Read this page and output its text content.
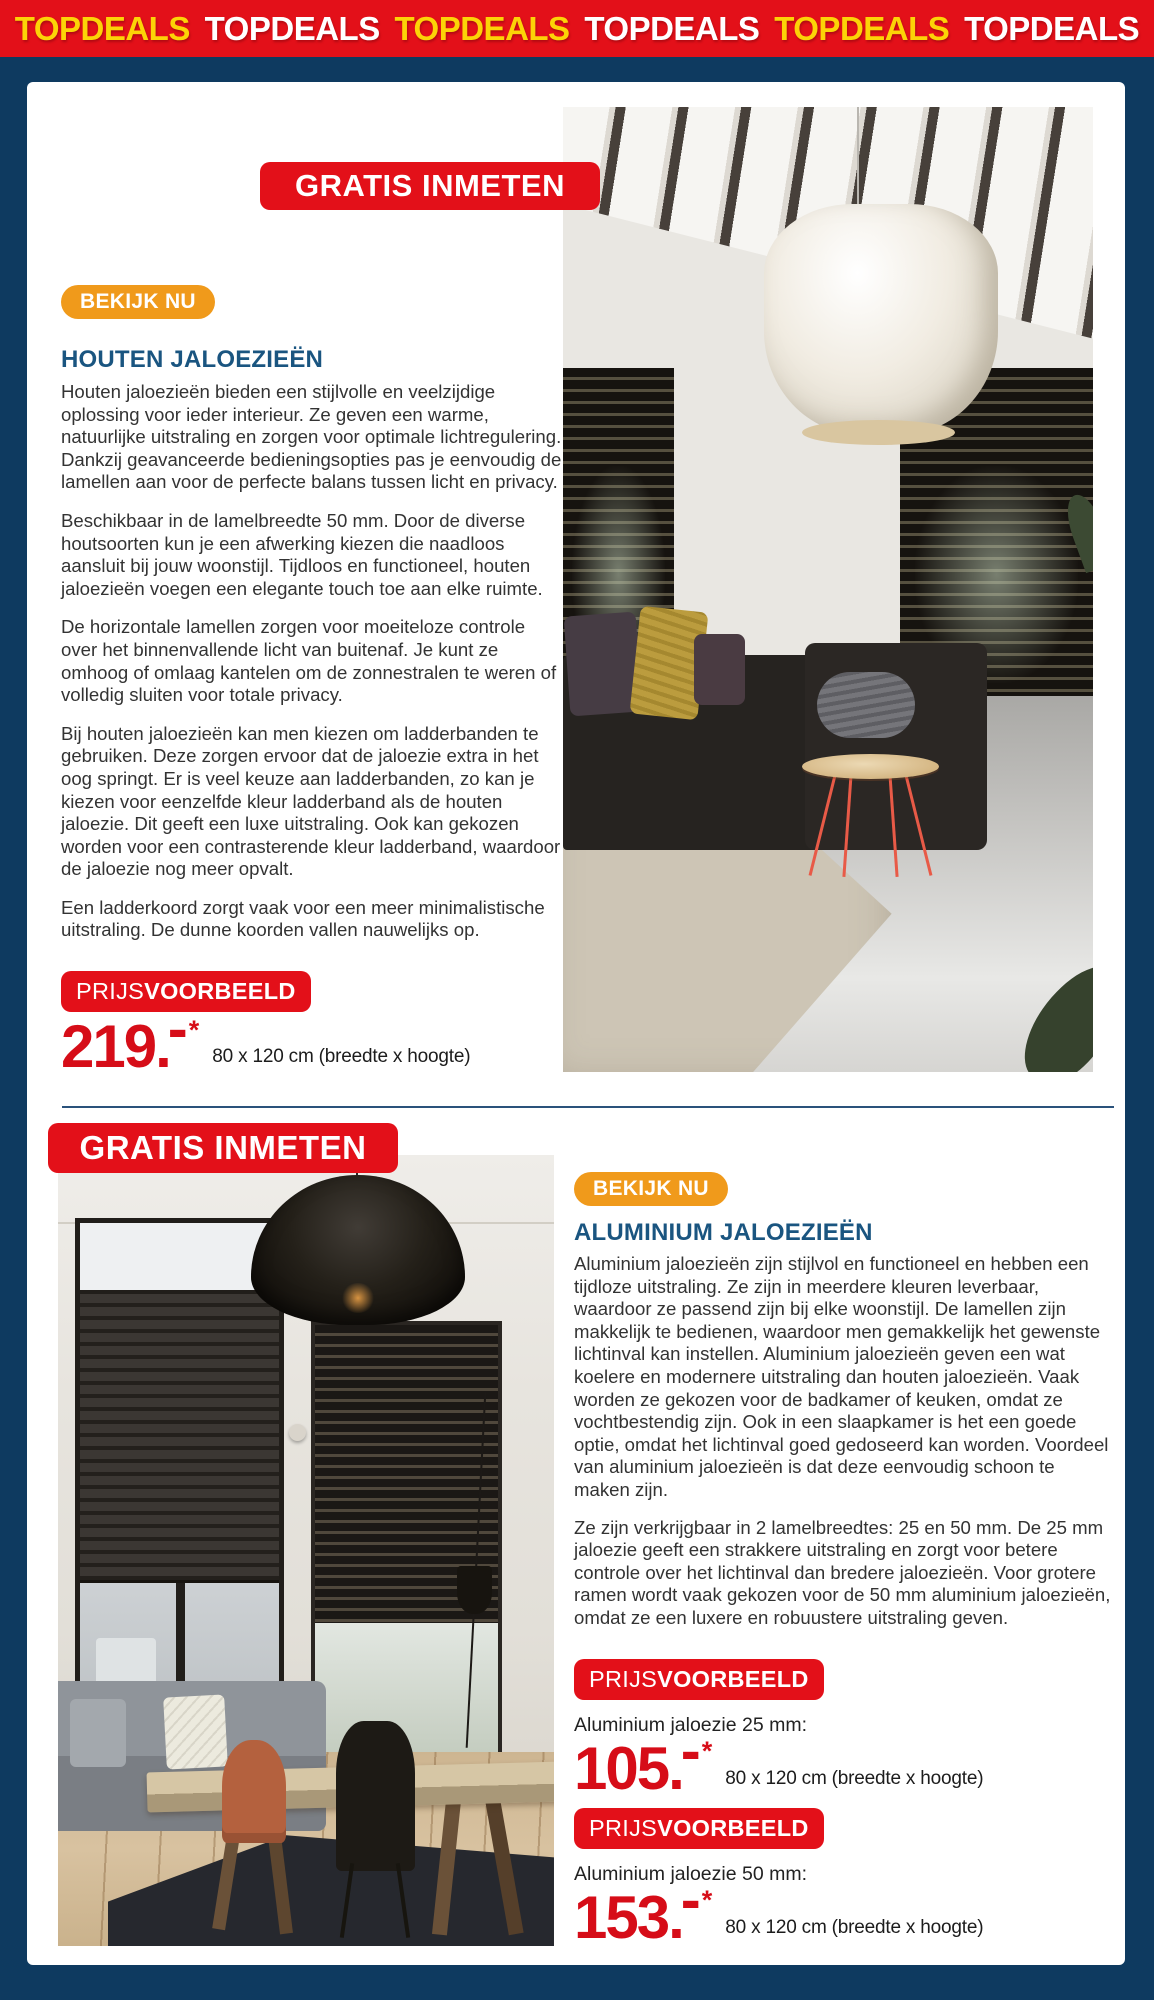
TOPDEALS TOPDEALS TOPDEALS TOPDEALS TOPDEALS TOPDEALS
GRATIS INMETEN
BEKIJK NU
HOUTEN JALOEZIEËN

Houten jaloezieën bieden een stijlvolle en veelzijdige oplossing voor ieder interieur. Ze geven een warme, natuurlijke uitstraling en zorgen voor optimale lichtregulering. Dankzij geavanceerde bedieningsopties pas je eenvoudig de lamellen aan voor de perfecte balans tussen licht en privacy.

Beschikbaar in de lamelbreedte 50 mm. Door de diverse houtsoorten kun je een afwerking kiezen die naadloos aansluit bij jouw woonstijl. Tijdloos en functioneel, houten jaloezieën voegen een elegante touch toe aan elke ruimte.

De horizontale lamellen zorgen voor moeiteloze controle over het binnenvallende licht van buitenaf. Je kunt ze omhoog of omlaag kantelen om de zonnestralen te weren of volledig sluiten voor totale privacy.

Bij houten jaloezieën kan men kiezen om ladderbanden te gebruiken. Deze zorgen ervoor dat de jaloezie extra in het oog springt. Er is veel keuze aan ladderbanden, zo kan je kiezen voor eenzelfde kleur ladderband als de houten jaloezie. Dit geeft een luxe uitstraling. Ook kan gekozen worden voor een contrasterende kleur ladderband, waardoor de jaloezie nog meer opvalt.

Een ladderkoord zorgt vaak voor een meer minimalistische uitstraling. De dunne koorden vallen nauwelijks op.

PRIJS VOORBEELD
219.- *
80 x 120 cm (breedte x hoogte)
GRATIS INMETEN
BEKIJK NU
ALUMINIUM JALOEZIEËN

Aluminium jaloezieën zijn stijlvol en functioneel en hebben een tijdloze uitstraling. Ze zijn in meerdere kleuren leverbaar, waardoor ze passend zijn bij elke woonstijl. De lamellen zijn makkelijk te bedienen, waardoor men gemakkelijk het gewenste lichtinval kan instellen. Aluminium jaloezieën geven een wat koelere en modernere uitstraling dan houten jaloezieën. Vaak worden ze gekozen voor de badkamer of keuken, omdat ze vochtbestendig zijn. Ook in een slaapkamer is het een goede optie, omdat het lichtinval goed gedoseerd kan worden. Voordeel van aluminium jaloezieën is dat deze eenvoudig schoon te maken zijn.

Ze zijn verkrijgbaar in 2 lamelbreedtes: 25 en 50 mm. De 25 mm jaloezie geeft een strakkere uitstraling en zorgt voor betere controle over het lichtinval dan bredere jaloezieën. Voor grotere ramen wordt vaak gekozen voor de 50 mm aluminium jaloezieën, omdat ze een luxere en robuustere uitstraling geven.

PRIJS VOORBEELD
Aluminium jaloezie 25 mm:
105.- *
80 x 120 cm (breedte x hoogte)
PRIJS VOORBEELD
Aluminium jaloezie 50 mm:
153.- *
80 x 120 cm (breedte x hoogte)
